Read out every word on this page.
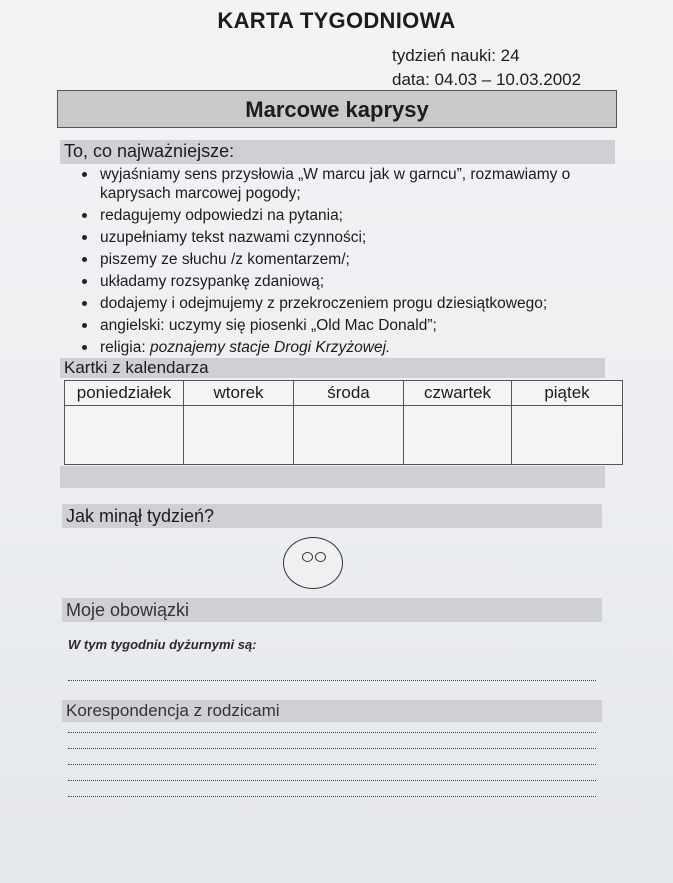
KARTA TYGODNIOWA
tydzień nauki: 24
data: 04.03 – 10.03.2002
Marcowe kaprysy
To, co najważniejsze:
wyjaśniamy sens przysłowia „W marcu jak w garncu”, rozmawiamy o kaprysach marcowej pogody;
redagujemy odpowiedzi na pytania;
uzupełniamy tekst nazwami czynności;
piszemy ze słuchu /z komentarzem/;
układamy rozsypankę zdaniową;
dodajemy i odejmujemy z przekroczeniem progu dziesiątkowego;
angielski: uczymy się piosenki „Old Mac Donald”;
religia: poznajemy stacje Drogi Krzyżowej.
Kartki z kalendarza
poniedziałek	wtorek	środa	czwartek	piątek

Jak minął tydzień?
Moje obowiązki
W tym tygodniu dyżurnymi są:
Korespondencja z rodzicami
